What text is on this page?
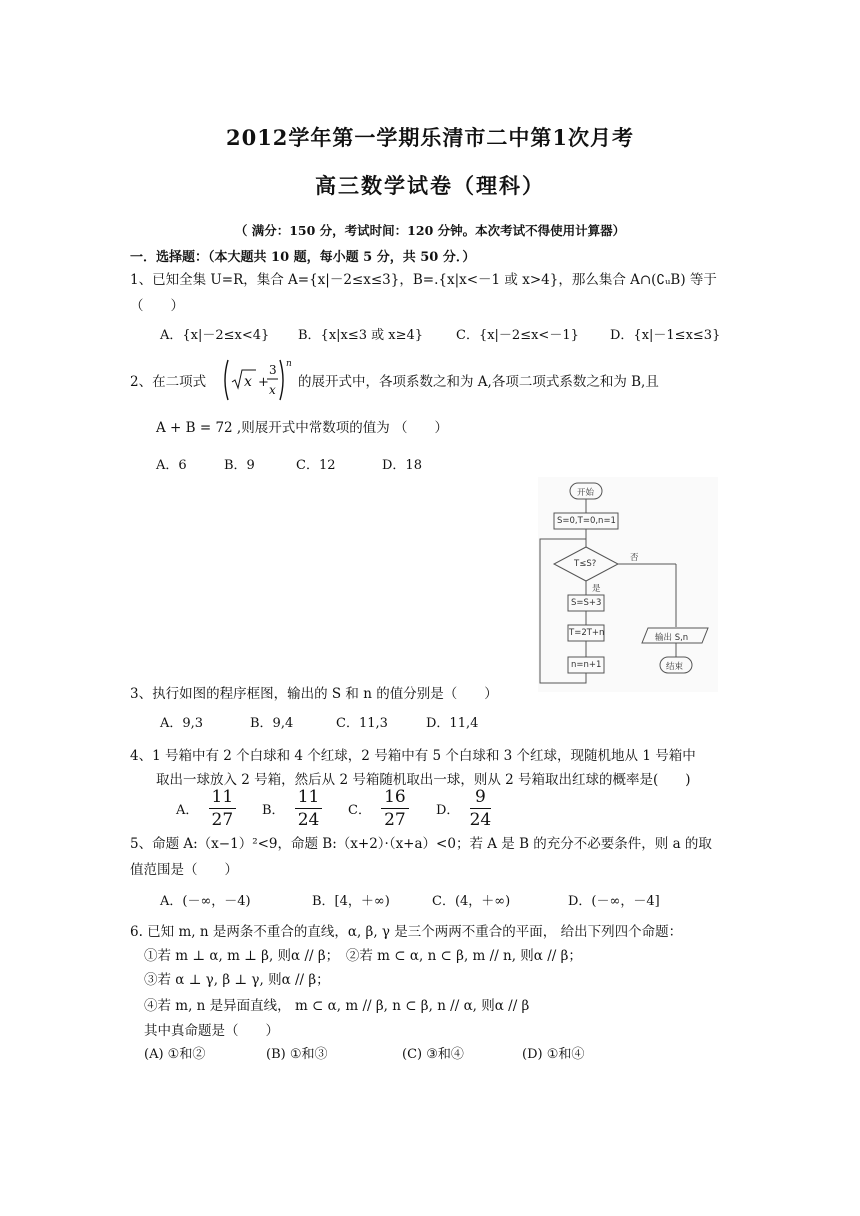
2012学年第一学期乐清市二中第1次月考
高三数学试卷（理科）
（ 满分：150 分，考试时间：120 分钟。本次考试不得使用计算器）
一．选择题：（本大题共 10 题，每小题 5 分，共 50 分．）
1、已知全集 U=R，集合 A={x|－2≤x≤3}，B=.{x|x<－1 或 x>4}，那么集合 A∩(∁ᵤB) 等于
（　　）
A．{x|－2≤x<4} B．{x|x≤3 或 x≥4}	C．{x|－2≤x<－1} D．{x|－1≤x≤3}
2、在二项式	x +
3
x
n
的展开式中，各项系数之和为 A,各项二项式系数之和为 B,且
A + B = 72 ,则展开式中常数项的值为 （　　）
A．6	B．9	C．12	D．18
开始
S=0,T=0,n=1
T≤S?
否
是
S=S+3
T=2T+n
n=n+1
输出 S,n
结束
3、执行如图的程序框图，输出的 S 和 n 的值分别是（　　）
A．9,3	B．9,4	C．11,3	D．11,4
4、1 号箱中有 2 个白球和 4 个红球，2 号箱中有 5 个白球和 3 个红球，现随机地从 1 号箱中
取出一球放入 2 号箱，然后从 2 号箱随机取出一球，则从 2 号箱取出红球的概率是(　　)
A． $\frac{11}{27}$ B． $\frac{11}{24}$ C． $\frac{16}{27}$ D． $\frac{9}{24}$
5、命题 A:（x−1）²<9，命题 B:（x+2）·（x+a）<0；若 A 是 B 的充分不必要条件，则 a 的取
值范围是（　　）
A．(－∞，－4)	B．[4，＋∞)	C．(4，＋∞)	D．(－∞，－4]
6. 已知 m, n 是两条不重合的直线，α, β, γ 是三个两两不重合的平面， 给出下列四个命题：
①若 m ⊥ α, m ⊥ β, 则α // β；　②若 m ⊂ α, n ⊂ β, m // n, 则α // β；
③若 α ⊥ γ, β ⊥ γ, 则α // β；
④若 m, n 是异面直线， m ⊂ α, m // β, n ⊂ β, n // α, 则α // β
其中真命题是（　　）
(A) ①和②	(B) ①和③	(C) ③和④	(D) ①和④
